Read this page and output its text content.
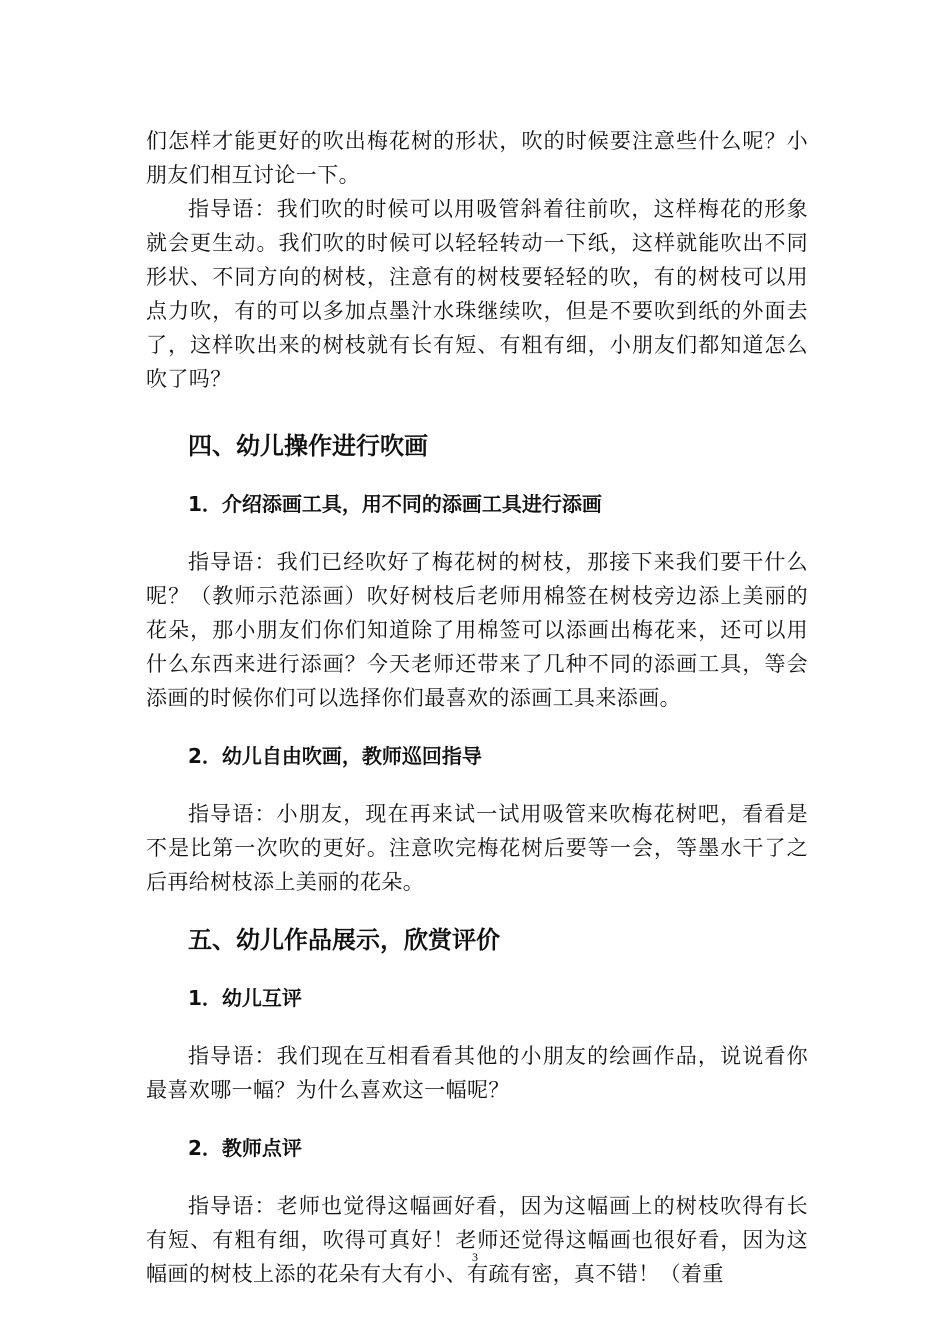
们怎样才能更好的吹出梅花树的形状，吹的时候要注意些什么呢？小朋友们相互讨论一下。

指导语：我们吹的时候可以用吸管斜着往前吹，这样梅花的形象就会更生动。我们吹的时候可以轻轻转动一下纸，这样就能吹出不同形状、不同方向的树枝，注意有的树枝要轻轻的吹，有的树枝可以用点力吹，有的可以多加点墨汁水珠继续吹，但是不要吹到纸的外面去了，这样吹出来的树枝就有长有短、有粗有细，小朋友们都知道怎么吹了吗？

四、幼儿操作进行吹画
1．介绍添画工具，用不同的添画工具进行添画

指导语：我们已经吹好了梅花树的树枝，那接下来我们要干什么呢？（教师示范添画）吹好树枝后老师用棉签在树枝旁边添上美丽的花朵，那小朋友们你们知道除了用棉签可以添画出梅花来，还可以用什么东西来进行添画？今天老师还带来了几种不同的添画工具，等会添画的时候你们可以选择你们最喜欢的添画工具来添画。

2．幼儿自由吹画，教师巡回指导

指导语：小朋友，现在再来试一试用吸管来吹梅花树吧，看看是不是比第一次吹的更好。注意吹完梅花树后要等一会，等墨水干了之后再给树枝添上美丽的花朵。

五、幼儿作品展示，欣赏评价
1．幼儿互评

指导语：我们现在互相看看其他的小朋友的绘画作品，说说看你最喜欢哪一幅？为什么喜欢这一幅呢？

2．教师点评

指导语：老师也觉得这幅画好看，因为这幅画上的树枝吹得有长有短、有粗有细，吹得可真好！老师还觉得这幅画也很好看，因为这幅画的树枝上添的花朵有大有小、有疏有密，真不错！（着重

3
